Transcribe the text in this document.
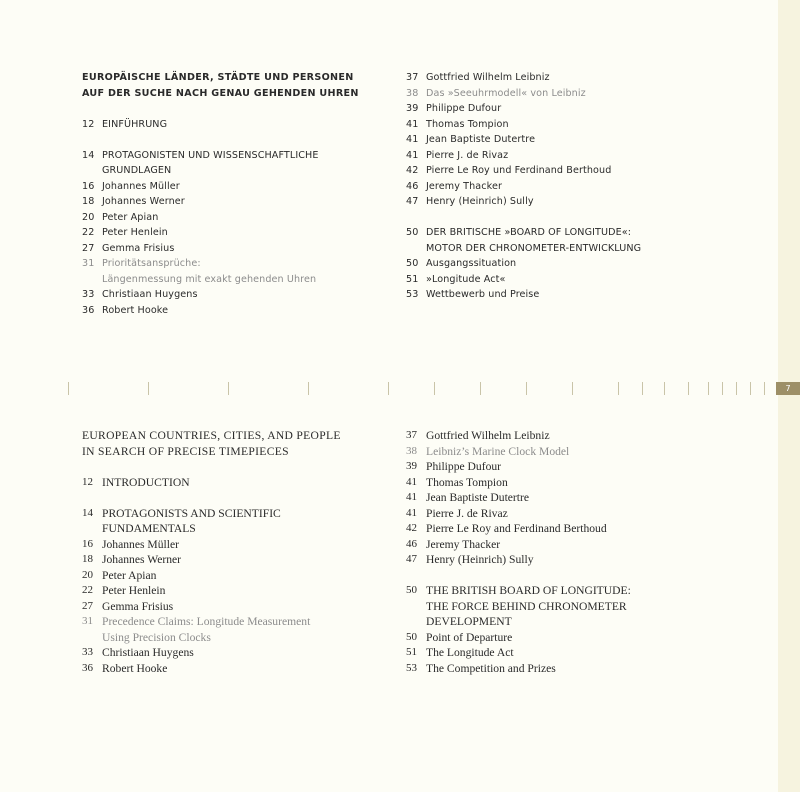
EUROPÄISCHE LÄNDER, STÄDTE UND PERSONEN
AUF DER SUCHE NACH GENAU GEHENDEN UHREN
12 EINFÜHRUNG
14 PROTAGONISTEN UND WISSENSCHAFTLICHE
GRUNDLAGEN
16 Johannes Müller
18 Johannes Werner
20 Peter Apian
22 Peter Henlein
27 Gemma Frisius
31 Prioritätsansprüche:
Längenmessung mit exakt gehenden Uhren
33 Christiaan Huygens
36 Robert Hooke
37 Gottfried Wilhelm Leibniz
38 Das »Seeuhrmodell« von Leibniz
39 Philippe Dufour
41 Thomas Tompion
41 Jean Baptiste Dutertre
41 Pierre J. de Rivaz
42 Pierre Le Roy und Ferdinand Berthoud
46 Jeremy Thacker
47 Henry (Heinrich) Sully
50 DER BRITISCHE »BOARD OF LONGITUDE«:
MOTOR DER CHRONOMETER-ENTWICKLUNG
50 Ausgangssituation
51 »Longitude Act«
53 Wettbewerb und Preise
7
EUROPEAN COUNTRIES, CITIES, AND PEOPLE
IN SEARCH OF PRECISE TIMEPIECES
12 INTRODUCTION
14 PROTAGONISTS AND SCIENTIFIC
FUNDAMENTALS
16 Johannes Müller
18 Johannes Werner
20 Peter Apian
22 Peter Henlein
27 Gemma Frisius
31 Precedence Claims: Longitude Measurement
Using Precision Clocks
33 Christiaan Huygens
36 Robert Hooke
37 Gottfried Wilhelm Leibniz
38 Leibniz’s Marine Clock Model
39 Philippe Dufour
41 Thomas Tompion
41 Jean Baptiste Dutertre
41 Pierre J. de Rivaz
42 Pierre Le Roy and Ferdinand Berthoud
46 Jeremy Thacker
47 Henry (Heinrich) Sully
50 THE BRITISH BOARD OF LONGITUDE:
THE FORCE BEHIND CHRONOMETER
DEVELOPMENT
50 Point of Departure
51 The Longitude Act
53 The Competition and Prizes
